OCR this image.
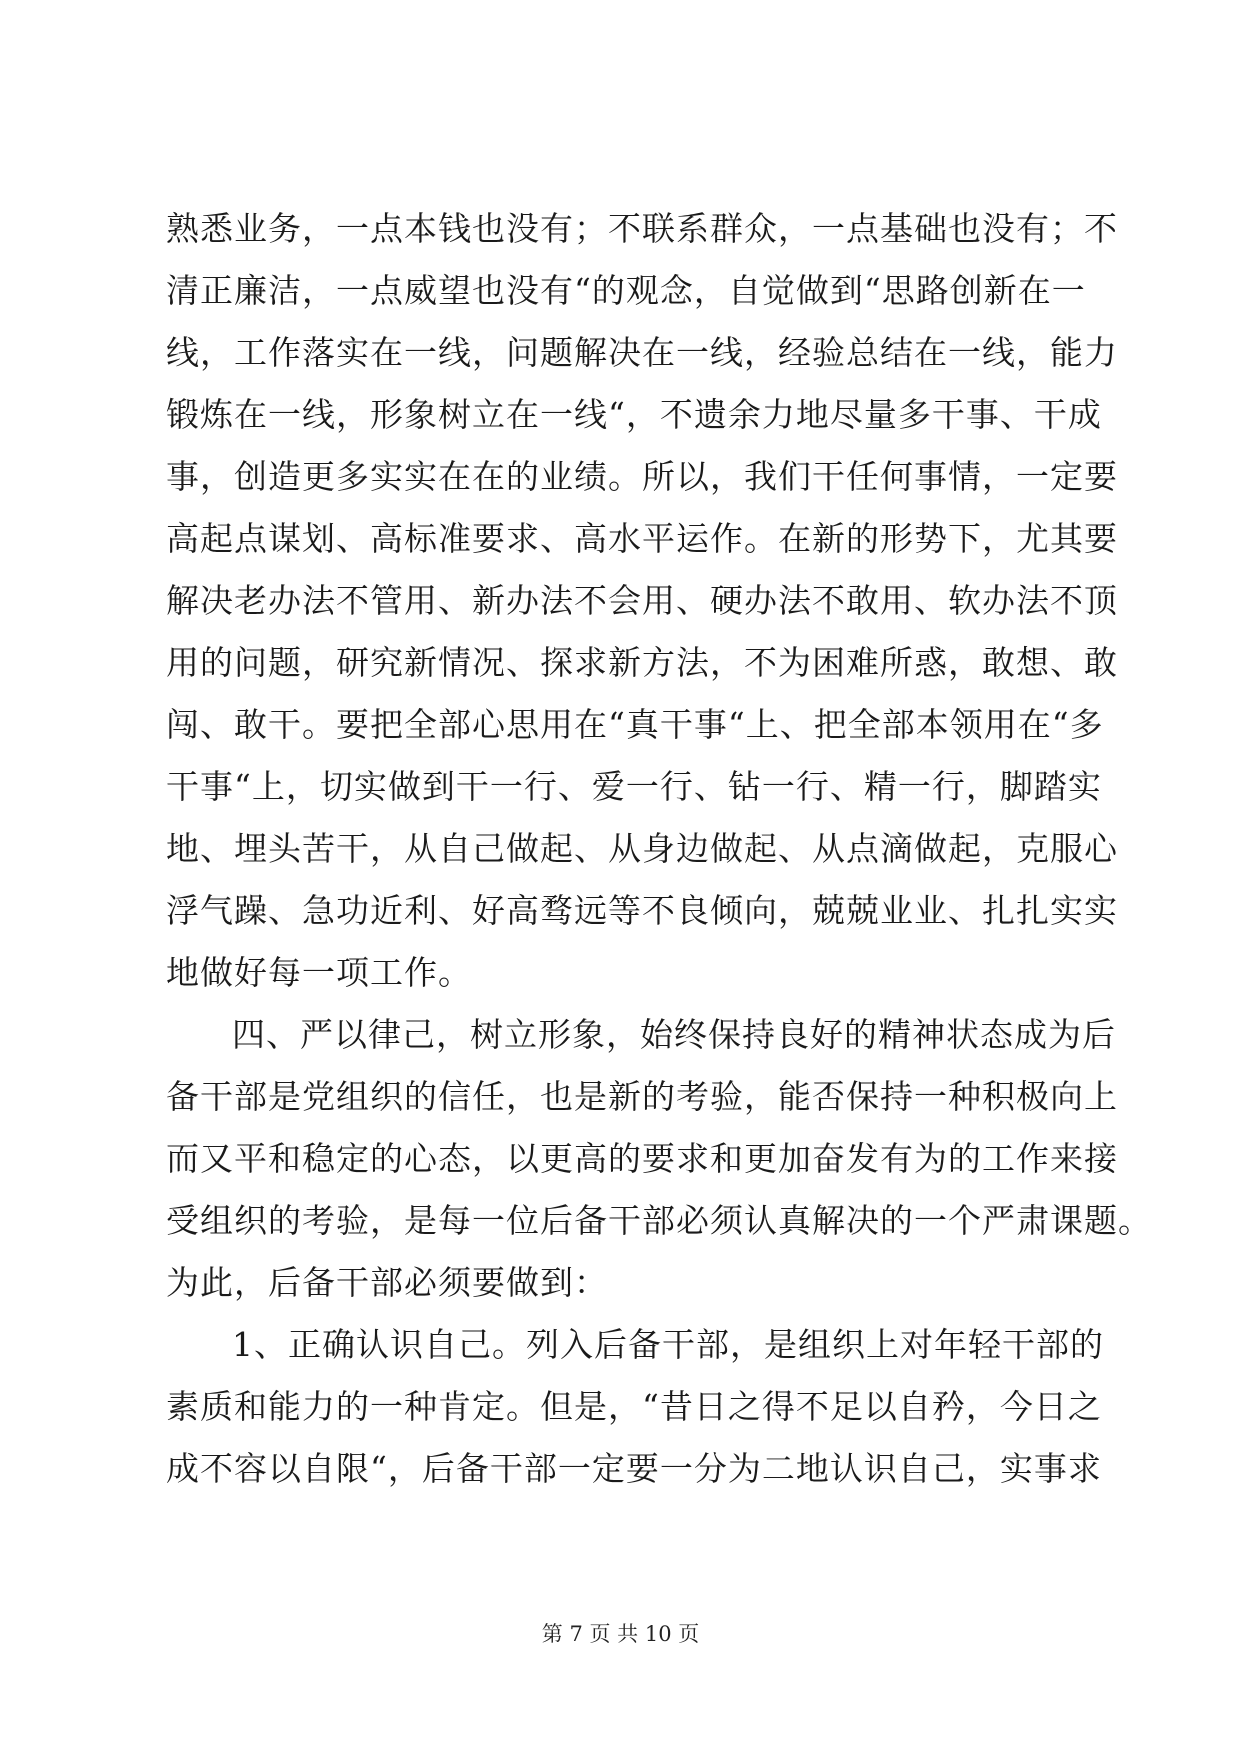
熟悉业务，一点本钱也没有；不联系群众，一点基础也没有；不
清正廉洁，一点威望也没有“的观念，自觉做到“思路创新在一
线，工作落实在一线，问题解决在一线，经验总结在一线，能力
锻炼在一线，形象树立在一线“，不遗余力地尽量多干事、干成
事，创造更多实实在在的业绩。所以，我们干任何事情，一定要
高起点谋划、高标准要求、高水平运作。在新的形势下，尤其要
解决老办法不管用、新办法不会用、硬办法不敢用、软办法不顶
用的问题，研究新情况、探求新方法，不为困难所惑，敢想、敢
闯、敢干。要把全部心思用在“真干事“上、把全部本领用在“多
干事“上，切实做到干一行、爱一行、钻一行、精一行，脚踏实
地、埋头苦干，从自己做起、从身边做起、从点滴做起，克服心
浮气躁、急功近利、好高骛远等不良倾向，兢兢业业、扎扎实实
地做好每一项工作。
四、严以律己，树立形象，始终保持良好的精神状态成为后
备干部是党组织的信任，也是新的考验，能否保持一种积极向上
而又平和稳定的心态，以更高的要求和更加奋发有为的工作来接
受组织的考验，是每一位后备干部必须认真解决的一个严肃课题。
为此，后备干部必须要做到：
1、正确认识自己。列入后备干部，是组织上对年轻干部的
素质和能力的一种肯定。但是，“昔日之得不足以自矜，今日之
成不容以自限“，后备干部一定要一分为二地认识自己，实事求
第 7 页 共 10 页
